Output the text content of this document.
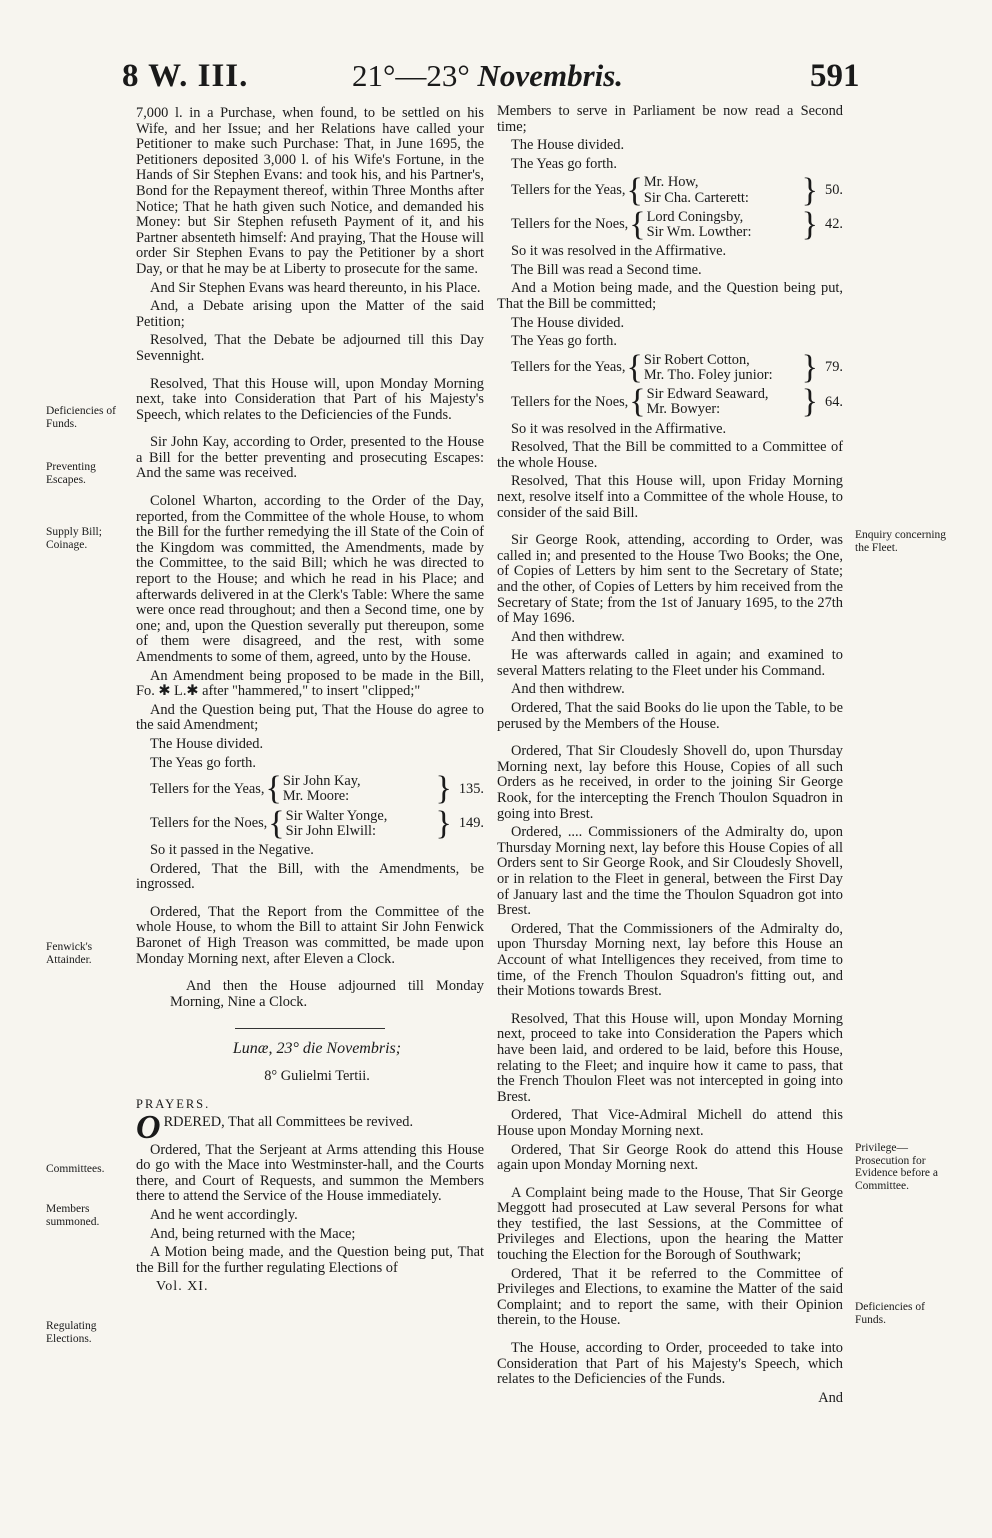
8 W. III.	21°—23° Novembris.	591
Deficiencies of Funds.
Preventing Escapes.
Supply Bill; Coinage.
Fenwick's Attainder.
Committees.
Members summoned.
Regulating Elections.
Enquiry concerning the Fleet.
Privilege—Prosecution for Evidence before a Committee.
Deficiencies of Funds.

7,000 l. in a Purchase, when found, to be settled on his Wife, and her Issue; and her Relations have called your Petitioner to make such Purchase: That, in June 1695, the Petitioners deposited 3,000 l. of his Wife's Fortune, in the Hands of Sir Stephen Evans: and took his, and his Partner's, Bond for the Repayment thereof, within Three Months after Notice; That he hath given such Notice, and demanded his Money: but Sir Stephen refuseth Payment of it, and his Partner absenteth himself: And praying, That the House will order Sir Stephen Evans to pay the Petitioner by a short Day, or that he may be at Liberty to prosecute for the same.

And Sir Stephen Evans was heard thereunto, in his Place.

And, a Debate arising upon the Matter of the said Petition;

Resolved, That the Debate be adjourned till this Day Sevennight.

Resolved, That this House will, upon Monday Morning next, take into Consideration that Part of his Majesty's Speech, which relates to the Deficiencies of the Funds.

Sir John Kay, according to Order, presented to the House a Bill for the better preventing and prosecuting Escapes: And the same was received.

Colonel Wharton, according to the Order of the Day, reported, from the Committee of the whole House, to whom the Bill for the further remedying the ill State of the Coin of the Kingdom was committed, the Amendments, made by the Committee, to the said Bill; which he was directed to report to the House; and which he read in his Place; and afterwards delivered in at the Clerk's Table: Where the same were once read throughout; and then a Second time, one by one; and, upon the Question severally put thereupon, some of them were disagreed, and the rest, with some Amendments to some of them, agreed, unto by the House.

An Amendment being proposed to be made in the Bill, Fo. ✱ L.✱ after "hammered," to insert "clipped;"

And the Question being put, That the House do agree to the said Amendment;

The House divided.

The Yeas go forth.

Tellers for the Yeas, { Sir John Kay,
Mr. Moore:	} 135.
Tellers for the Noes, { Sir Walter Yonge,
Sir John Elwill:	} 149.

So it passed in the Negative.

Ordered, That the Bill, with the Amendments, be ingrossed.

Ordered, That the Report from the Committee of the whole House, to whom the Bill to attaint Sir John Fenwick Baronet of High Treason was committed, be made upon Monday Morning next, after Eleven a Clock.

And then the House adjourned till Monday Morning, Nine a Clock.

Lunæ, 23° die Novembris;

8° Gulielmi Tertii.

PRAYERS.

ORDERED, That all Committees be revived.

Ordered, That the Serjeant at Arms attending this House do go with the Mace into Westminster-hall, and the Courts there, and Court of Requests, and summon the Members there to attend the Service of the House immediately.

And he went accordingly.

And, being returned with the Mace;

A Motion being made, and the Question being put, That the Bill for the further regulating Elections of

Vol. XI.

Members to serve in Parliament be now read a Second time;

The House divided.

The Yeas go forth.

Tellers for the Yeas, { Mr. How,
Sir Cha. Carterett: } 50.
Tellers for the Noes, { Lord Coningsby,
Sir Wm. Lowther: } 42.

So it was resolved in the Affirmative.

The Bill was read a Second time.

And a Motion being made, and the Question being put, That the Bill be committed;

The House divided.

The Yeas go forth.

Tellers for the Yeas, { Sir Robert Cotton,
Mr. Tho. Foley junior: } 79.
Tellers for the Noes, { Sir Edward Seaward,
Mr. Bowyer:	} 64.

So it was resolved in the Affirmative.

Resolved, That the Bill be committed to a Committee of the whole House.

Resolved, That this House will, upon Friday Morning next, resolve itself into a Committee of the whole House, to consider of the said Bill.

Sir George Rook, attending, according to Order, was called in; and presented to the House Two Books; the One, of Copies of Letters by him sent to the Secretary of State; and the other, of Copies of Letters by him received from the Secretary of State; from the 1st of January 1695, to the 27th of May 1696.

And then withdrew.

He was afterwards called in again; and examined to several Matters relating to the Fleet under his Command.

And then withdrew.

Ordered, That the said Books do lie upon the Table, to be perused by the Members of the House.

Ordered, That Sir Cloudesly Shovell do, upon Thursday Morning next, lay before this House, Copies of all such Orders as he received, in order to the joining Sir George Rook, for the intercepting the French Thoulon Squadron in going into Brest.

Ordered, .... Commissioners of the Admiralty do, upon Thursday Morning next, lay before this House Copies of all Orders sent to Sir George Rook, and Sir Cloudesly Shovell, or in relation to the Fleet in general, between the First Day of January last and the time the Thoulon Squadron got into Brest.

Ordered, That the Commissioners of the Admiralty do, upon Thursday Morning next, lay before this House an Account of what Intelligences they received, from time to time, of the French Thoulon Squadron's fitting out, and their Motions towards Brest.

Resolved, That this House will, upon Monday Morning next, proceed to take into Consideration the Papers which have been laid, and ordered to be laid, before this House, relating to the Fleet; and inquire how it came to pass, that the French Thoulon Fleet was not intercepted in going into Brest.

Ordered, That Vice-Admiral Michell do attend this House upon Monday Morning next.

Ordered, That Sir George Rook do attend this House again upon Monday Morning next.

A Complaint being made to the House, That Sir George Meggott had prosecuted at Law several Persons for what they testified, the last Sessions, at the Committee of Privileges and Elections, upon the hearing the Matter touching the Election for the Borough of Southwark;

Ordered, That it be referred to the Committee of Privileges and Elections, to examine the Matter of the said Complaint; and to report the same, with their Opinion therein, to the House.

The House, according to Order, proceeded to take into Consideration that Part of his Majesty's Speech, which relates to the Deficiencies of the Funds.

And
